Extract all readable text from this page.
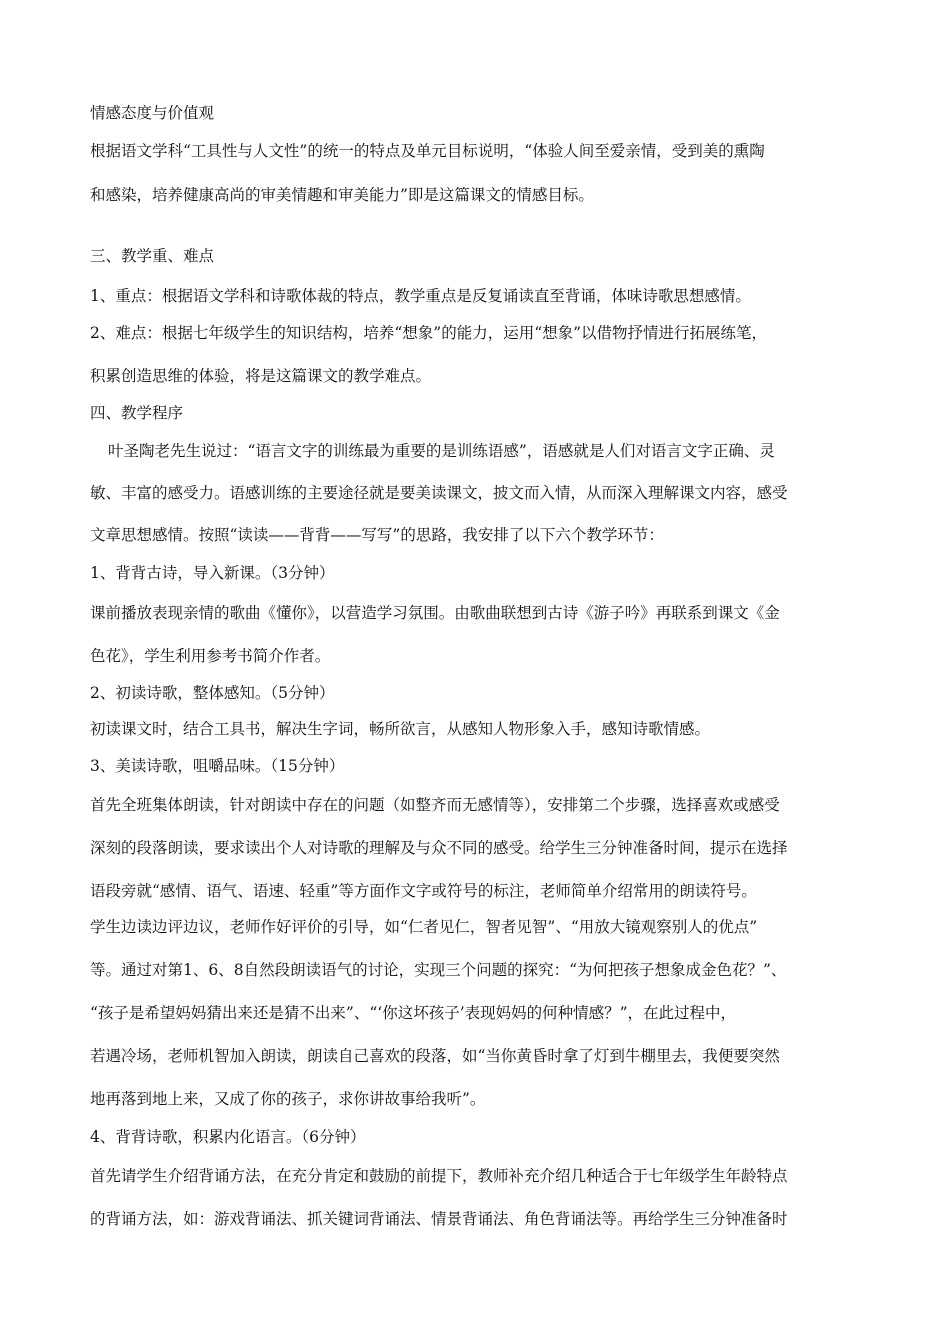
情感态度与价值观
根据语文学科“工具性与人文性”的统一的特点及单元目标说明，“体验人间至爱亲情，受到美的熏陶
和感染，培养健康高尚的审美情趣和审美能力”即是这篇课文的情感目标。
三、教学重、难点
1、重点：根据语文学科和诗歌体裁的特点，教学重点是反复诵读直至背诵，体味诗歌思想感情。
2、难点：根据七年级学生的知识结构，培养“想象”的能力，运用“想象”以借物抒情进行拓展练笔，
积累创造思维的体验，将是这篇课文的教学难点。
四、教学程序
叶圣陶老先生说过：“语言文字的训练最为重要的是训练语感”，语感就是人们对语言文字正确、灵
敏、丰富的感受力。语感训练的主要途径就是要美读课文，披文而入情，从而深入理解课文内容，感受
文章思想感情。按照“读读——背背——写写”的思路，我安排了以下六个教学环节：
1、背背古诗，导入新课。（3分钟）
课前播放表现亲情的歌曲《懂你》，以营造学习氛围。由歌曲联想到古诗《游子吟》再联系到课文《金
色花》，学生利用参考书简介作者。
2、初读诗歌，整体感知。（5分钟）
初读课文时，结合工具书，解决生字词，畅所欲言，从感知人物形象入手，感知诗歌情感。
3、美读诗歌，咀嚼品味。（15分钟）
首先全班集体朗读，针对朗读中存在的问题（如整齐而无感情等），安排第二个步骤，选择喜欢或感受
深刻的段落朗读，要求读出个人对诗歌的理解及与众不同的感受。给学生三分钟准备时间，提示在选择
语段旁就“感情、语气、语速、轻重”等方面作文字或符号的标注，老师简单介绍常用的朗读符号。
学生边读边评边议，老师作好评价的引导，如“仁者见仁，智者见智”、“用放大镜观察别人的优点”
等。通过对第1、6、8自然段朗读语气的讨论，实现三个问题的探究：“为何把孩子想象成金色花？”、
“孩子是希望妈妈猜出来还是猜不出来”、“‘你这坏孩子’表现妈妈的何种情感？”，在此过程中，
若遇冷场，老师机智加入朗读，朗读自己喜欢的段落，如“当你黄昏时拿了灯到牛棚里去，我便要突然
地再落到地上来，又成了你的孩子，求你讲故事给我听”。
4、背背诗歌，积累内化语言。（6分钟）
首先请学生介绍背诵方法，在充分肯定和鼓励的前提下，教师补充介绍几种适合于七年级学生年龄特点
的背诵方法，如：游戏背诵法、抓关键词背诵法、情景背诵法、角色背诵法等。再给学生三分钟准备时
